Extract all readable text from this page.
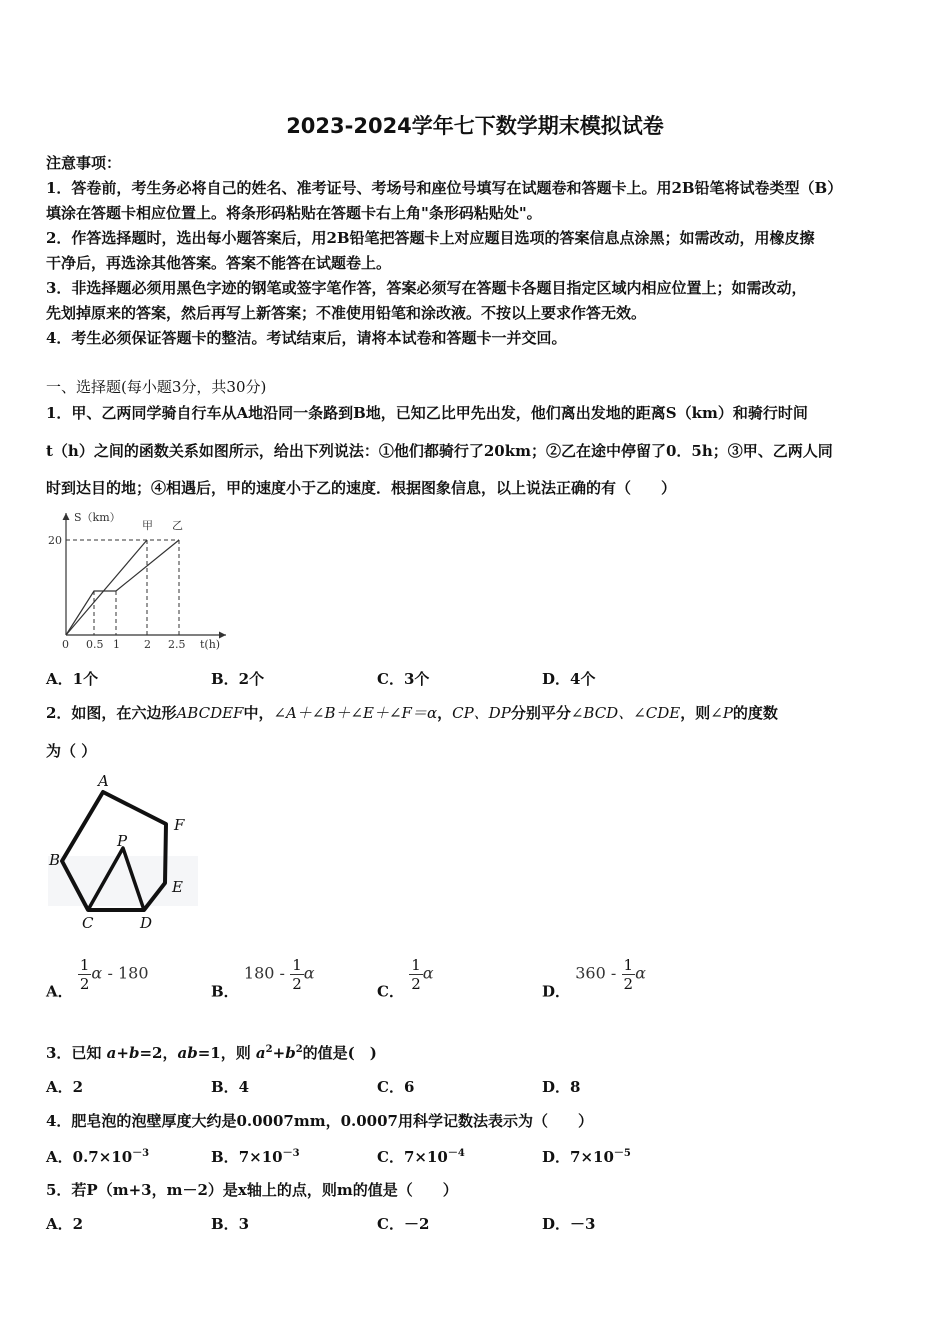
2023-2024学年七下数学期末模拟试卷
注意事项：
1．答卷前，考生务必将自己的姓名、准考证号、考场号和座位号填写在试题卷和答题卡上。用2B铅笔将试卷类型（B）
填涂在答题卡相应位置上。将条形码粘贴在答题卡右上角"条形码粘贴处"。
2．作答选择题时，选出每小题答案后，用2B铅笔把答题卡上对应题目选项的答案信息点涂黑；如需改动，用橡皮擦
干净后，再选涂其他答案。答案不能答在试题卷上。
3．非选择题必须用黑色字迹的钢笔或签字笔作答，答案必须写在答题卡各题目指定区域内相应位置上；如需改动，
先划掉原来的答案，然后再写上新答案；不准使用铅笔和涂改液。不按以上要求作答无效。
4．考生必须保证答题卡的整洁。考试结束后，请将本试卷和答题卡一并交回。
一、选择题(每小题3分，共30分)
1．甲、乙两同学骑自行车从A地沿同一条路到B地，已知乙比甲先出发，他们离出发地的距离S（km）和骑行时间
t（h）之间的函数关系如图所示，给出下列说法：①他们都骑行了20km；②乙在途中停留了0．5h；③甲、乙两人同
时到达目的地；④相遇后，甲的速度小于乙的速度．根据图象信息，以上说法正确的有（　　）
S（km）
t(h)
20
甲 乙
0 0.5 1 2 2.5
A．1个	B．2个	C．3个	D．4个
2．如图，在六边形ABCDEF中，∠A＋∠B＋∠E＋∠F＝α，CP、DP分别平分∠BCD、∠CDE，则∠P的度数
为（ ）
A
F
B
P
E
C	D
A． $\frac{1}{2}$ α - 180
B． $180 - \frac{1}{2}$ α
C． $\frac{1}{2}$ α
D． $360 - \frac{1}{2}$ α
3．已知 a+b=2，ab=1，则 $a^2+b^2$的值是(　)
A．2	B．4	C．6	D．8
4．肥皂泡的泡壁厚度大约是0.0007mm，0.0007用科学记数法表示为（　　）
A．$0.7\times 10^{-3}$	B．$7\times 10^{-3}$	C．$7\times 10^{-4}$	D．$7\times 10^{-5}$
5．若P（m+3，m－2）是x轴上的点，则m的值是（　　）
A．2	B．3	C．－2	D．－3
